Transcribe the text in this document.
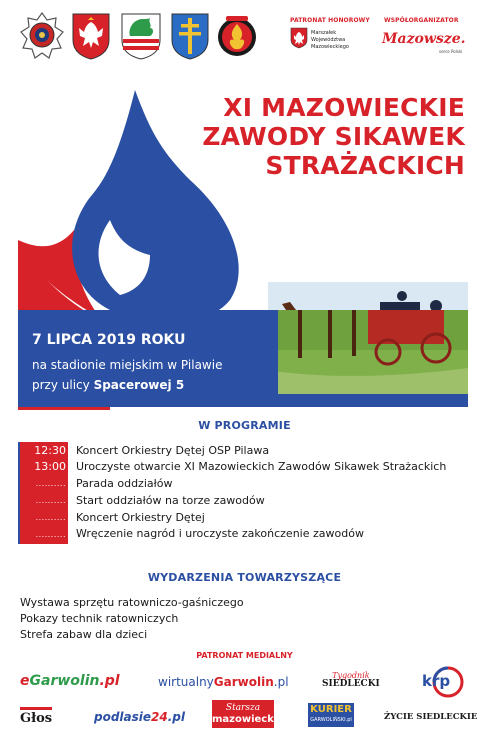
PATRONAT HONOROWY
Marszałek
Województwa
Mazowieckiego
WSPÓŁORGANIZATOR
Mazowsze.
serce Polski
XI MAZOWIECKIE
ZAWODY SIKAWEK
STRAŻACKICH
7 LIPCA 2019 ROKU
na stadionie miejskim w Pilawie
przy ulicy Spacerowej 5
W PROGRAMIE
12:30 Koncert Orkiestry Dętej OSP Pilawa
13:00 Uroczyste otwarcie XI Mazowieckich Zawodów Sikawek Strażackich
.......... Parada oddziałów
.......... Start oddziałów na torze zawodów
.......... Koncert Orkiestry Dętej
.......... Wręczenie nagród i uroczyste zakończenie zawodów
WYDARZENIA TOWARZYSZĄCE
Wystawa sprzętu ratowniczo-gaśniczego
Pokazy technik ratowniczych
Strefa zabaw dla dzieci
PATRONAT MEDIALNY
eGarwolin.pl	wirtualnyGarwolin.pl	Tygodnik
SIEDLECKI	krp
Głos	podlasie24.pl
Starsza
mazowiecki
KURIER
GARWOLIŃSKI.pl	ŻYCIE SIEDLECKIE
